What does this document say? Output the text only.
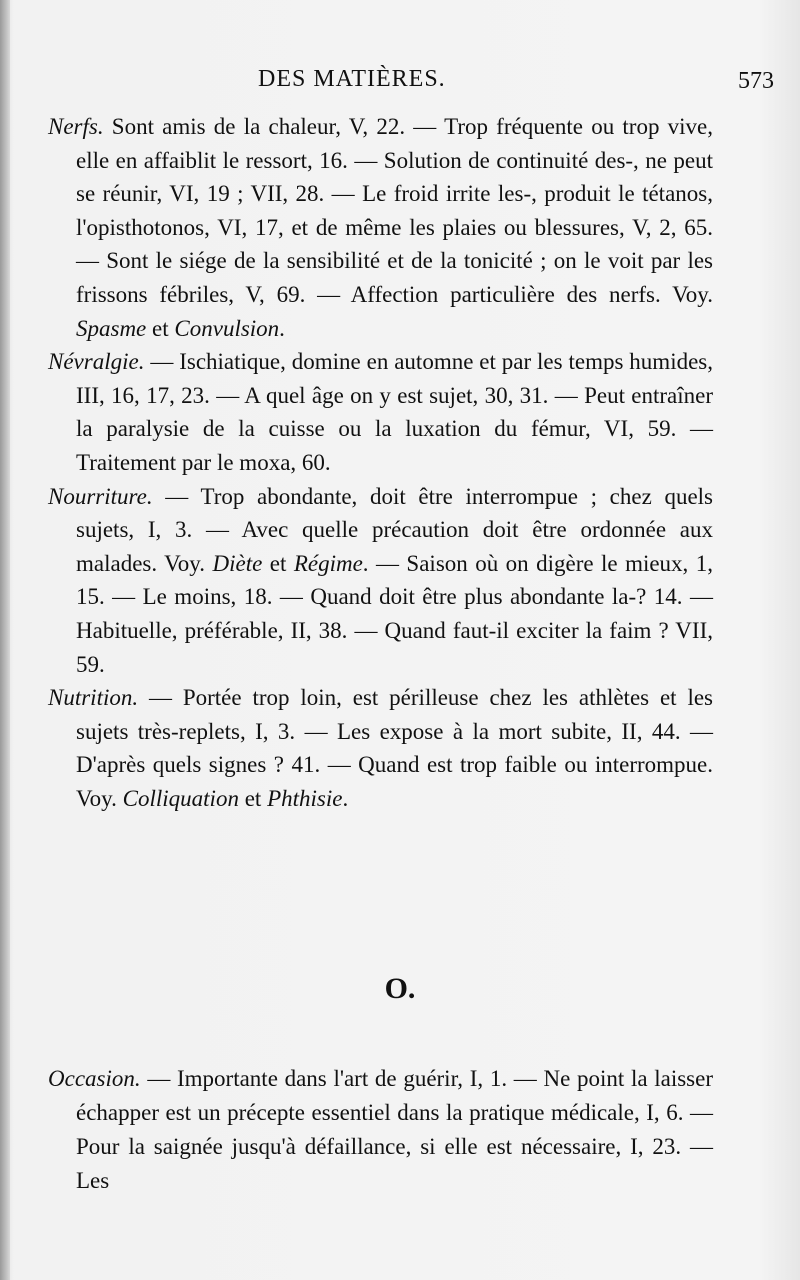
DES MATIÈRES.	573

Nerfs. Sont amis de la chaleur, V, 22. — Trop fréquente ou trop vive, elle en affaiblit le ressort, 16. — Solution de continuité des-, ne peut se réunir, VI, 19 ; VII, 28. — Le froid irrite les-, produit le tétanos, l'opisthotonos, VI, 17, et de même les plaies ou blessures, V, 2, 65. — Sont le siége de la sensibilité et de la tonicité ; on le voit par les frissons fébriles, V, 69. — Affection particulière des nerfs. Voy. Spasme et Convulsion.

Névralgie. — Ischiatique, domine en automne et par les temps humides, III, 16, 17, 23. — A quel âge on y est sujet, 30, 31. — Peut entraîner la paralysie de la cuisse ou la luxation du fémur, VI, 59. — Traitement par le moxa, 60.

Nourriture. — Trop abondante, doit être interrompue ; chez quels sujets, I, 3. — Avec quelle précaution doit être ordonnée aux malades. Voy. Diète et Régime. — Saison où on digère le mieux, 1, 15. — Le moins, 18. — Quand doit être plus abondante la-? 14. — Habituelle, préférable, II, 38. — Quand faut-il exciter la faim ? VII, 59.

Nutrition. — Portée trop loin, est périlleuse chez les athlètes et les sujets très-replets, I, 3. — Les expose à la mort subite, II, 44. — D'après quels signes ? 41. — Quand est trop faible ou interrompue. Voy. Colliquation et Phthisie.

O.

Occasion. — Importante dans l'art de guérir, I, 1. — Ne point la laisser échapper est un précepte essentiel dans la pratique médicale, I, 6. — Pour la saignée jusqu'à défaillance, si elle est nécessaire, I, 23. — Les
